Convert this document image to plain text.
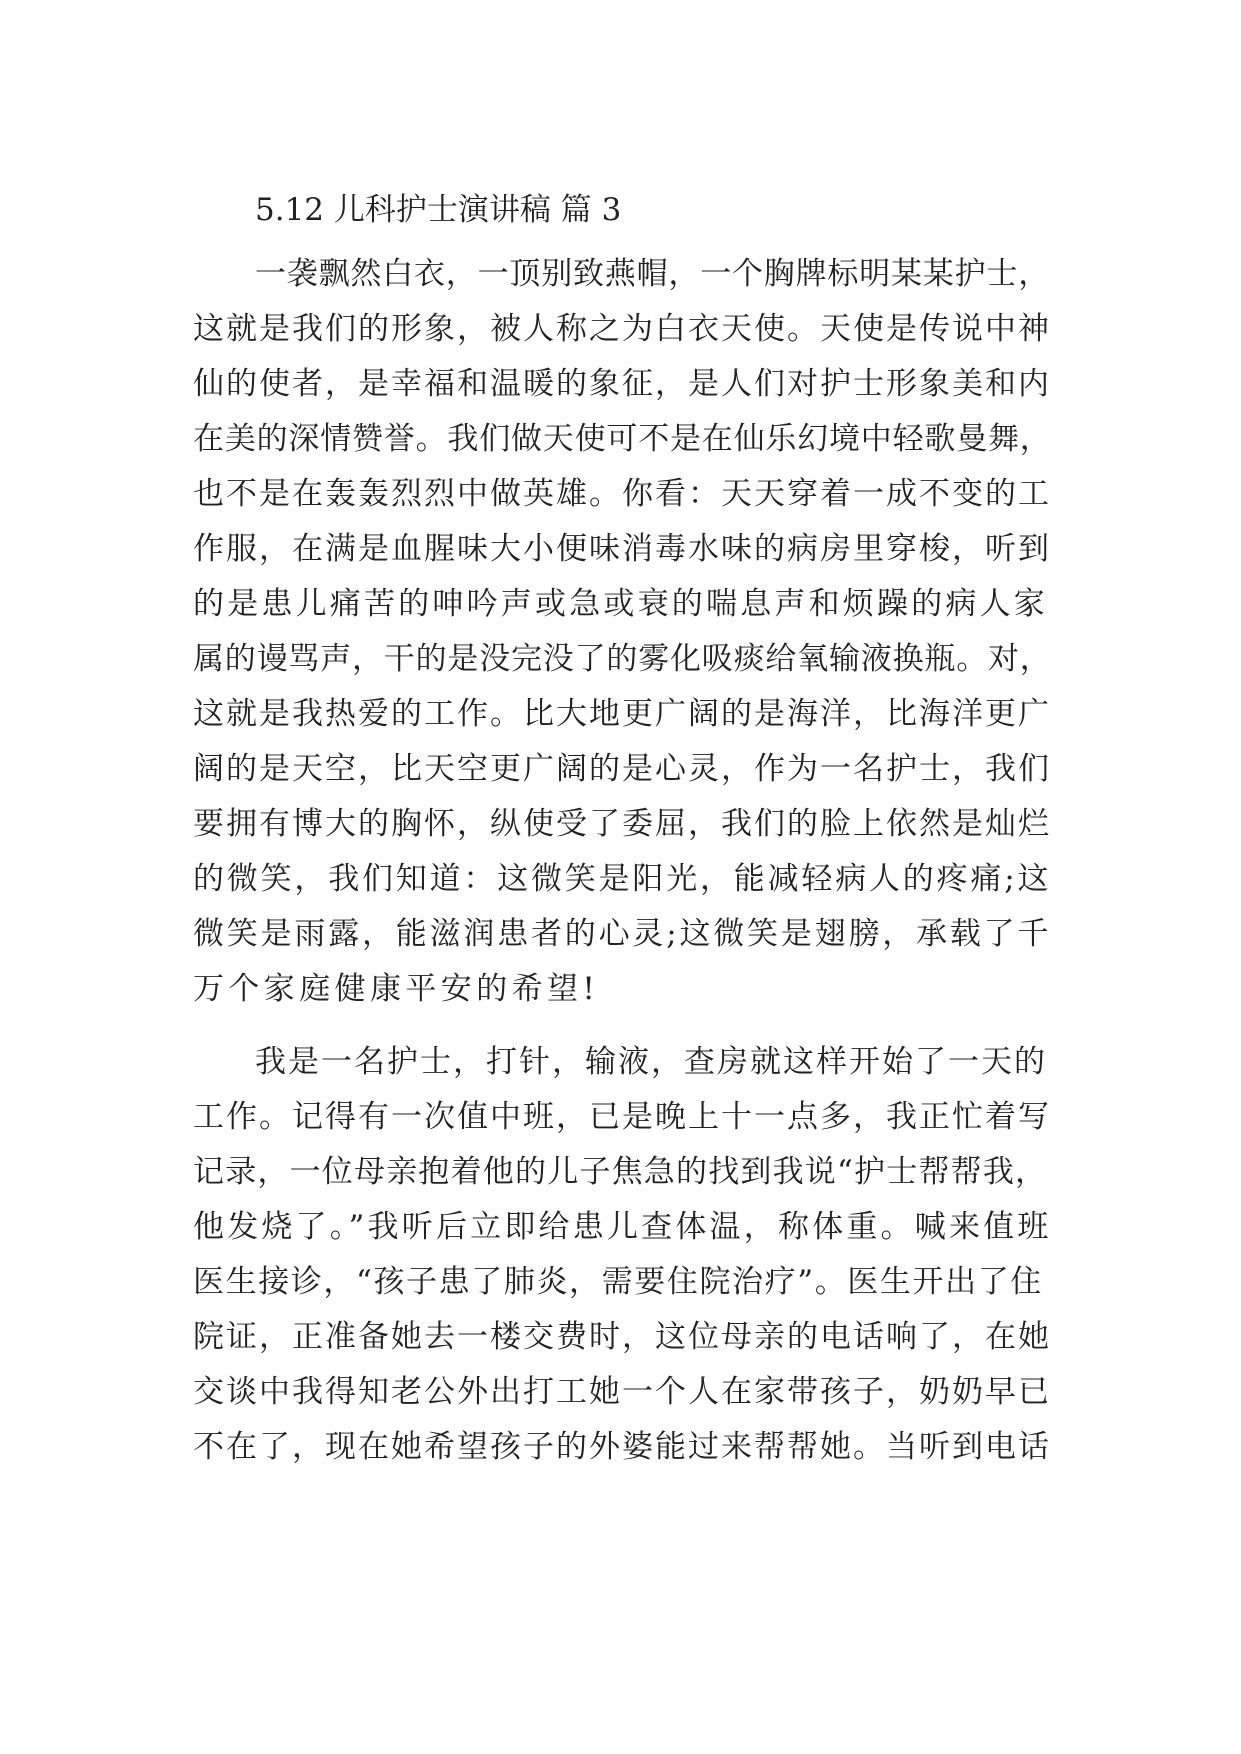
5.12 儿科护士演讲稿 篇 3
一袭飘然白衣，一顶别致燕帽，一个胸牌标明某某护士，
这就是我们的形象，被人称之为白衣天使。天使是传说中神
仙的使者，是幸福和温暖的象征，是人们对护士形象美和内
在美的深情赞誉。我们做天使可不是在仙乐幻境中轻歌曼舞，
也不是在轰轰烈烈中做英雄。你看：天天穿着一成不变的工
作服，在满是血腥味大小便味消毒水味的病房里穿梭，听到
的是患儿痛苦的呻吟声或急或衰的喘息声和烦躁的病人家
属的谩骂声，干的是没完没了的雾化吸痰给氧输液换瓶。对，
这就是我热爱的工作。比大地更广阔的是海洋，比海洋更广
阔的是天空，比天空更广阔的是心灵，作为一名护士，我们
要拥有博大的胸怀，纵使受了委屈，我们的脸上依然是灿烂
的微笑，我们知道：这微笑是阳光，能减轻病人的疼痛;这
微笑是雨露，能滋润患者的心灵;这微笑是翅膀，承载了千
万个家庭健康平安的希望!
我是一名护士，打针，输液，查房就这样开始了一天的
工作。记得有一次值中班，已是晚上十一点多，我正忙着写
记录，一位母亲抱着他的儿子焦急的找到我说“护士帮帮我，
他发烧了。”我听后立即给患儿查体温，称体重。喊来值班
医生接诊，“孩子患了肺炎，需要住院治疗”。医生开出了住
院证，正准备她去一楼交费时，这位母亲的电话响了，在她
交谈中我得知老公外出打工她一个人在家带孩子，奶奶早已
不在了，现在她希望孩子的外婆能过来帮帮她。当听到电话
